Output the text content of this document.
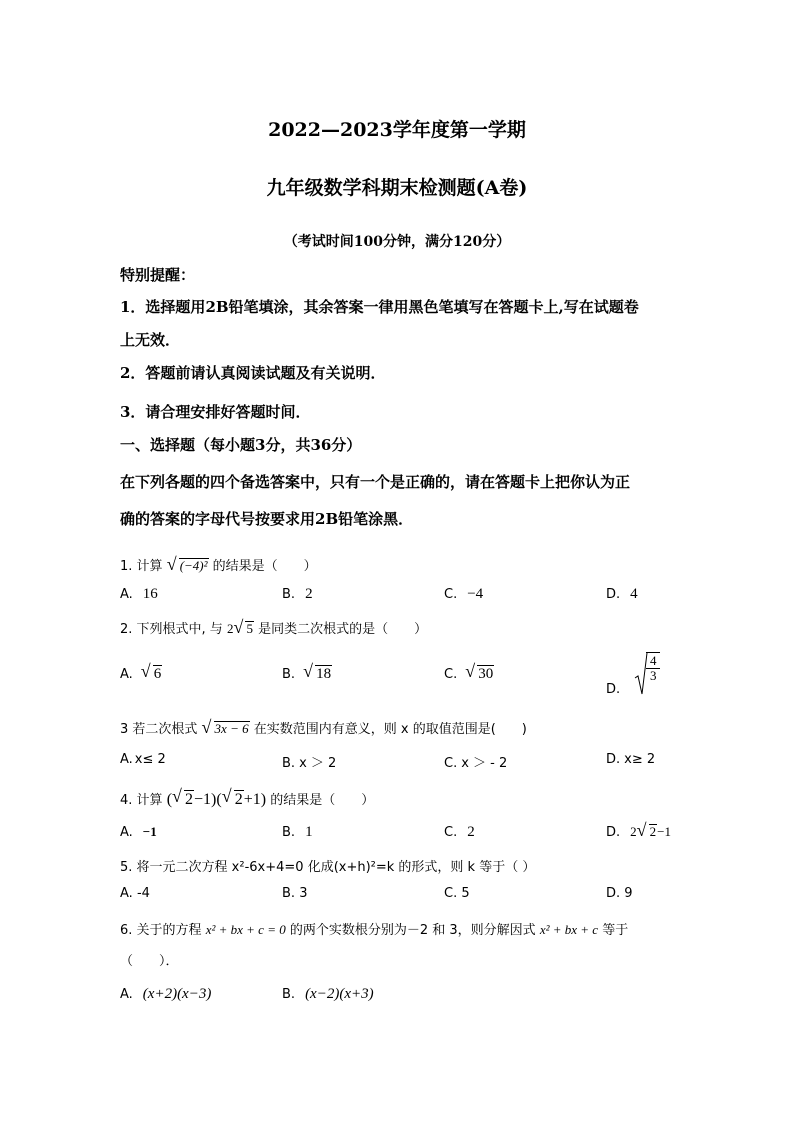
2022—2023学年度第一学期
九年级数学科期末检测题(A卷)
（考试时间100分钟，满分120分）
特别提醒：
1．选择题用2B铅笔填涂，其余答案一律用黑色笔填写在答题卡上,写在试题卷
上无效．
2．答题前请认真阅读试题及有关说明．
3．请合理安排好答题时间．
一、选择题（每小题3分，共36分）
在下列各题的四个备选答案中，只有一个是正确的，请在答题卡上把你认为正
确的答案的字母代号按要求用2B铅笔涂黑．
1. 计算 √ (−4)² 的结果是（　　）
A. 16	B. 2	C. −4	D. 4
2. 下列根式中, 与 2 √ 5 是同类二次根式的是（　　）
A. √ 6	B. √ 18	C. √ 30
D.
$\frac{4}{3}$
3 若二次根式 √ 3x − 6 在实数范围内有意义，则 x 的取值范围是(　　)
A. x≤ 2	B. x ＞ 2	C. x ＞ - 2	D. x≥ 2
4. 计算 ( √ 2−1)( √ 2+1) 的结果是（　　）
A. −1	B. 1	C. 2	D. 2 √ 2−1
5. 将一元二次方程 x²-6x+4=0 化成(x+h)²=k 的形式，则 k 等于（ ）
A. -4	B. 3	C. 5	D. 9
6. 关于的方程 x² + bx + c = 0 的两个实数根分别为－2 和 3，则分解因式 x² + bx + c 等于
（　　）．
A. (x+2)(x−3)	B. (x−2)(x+3)
